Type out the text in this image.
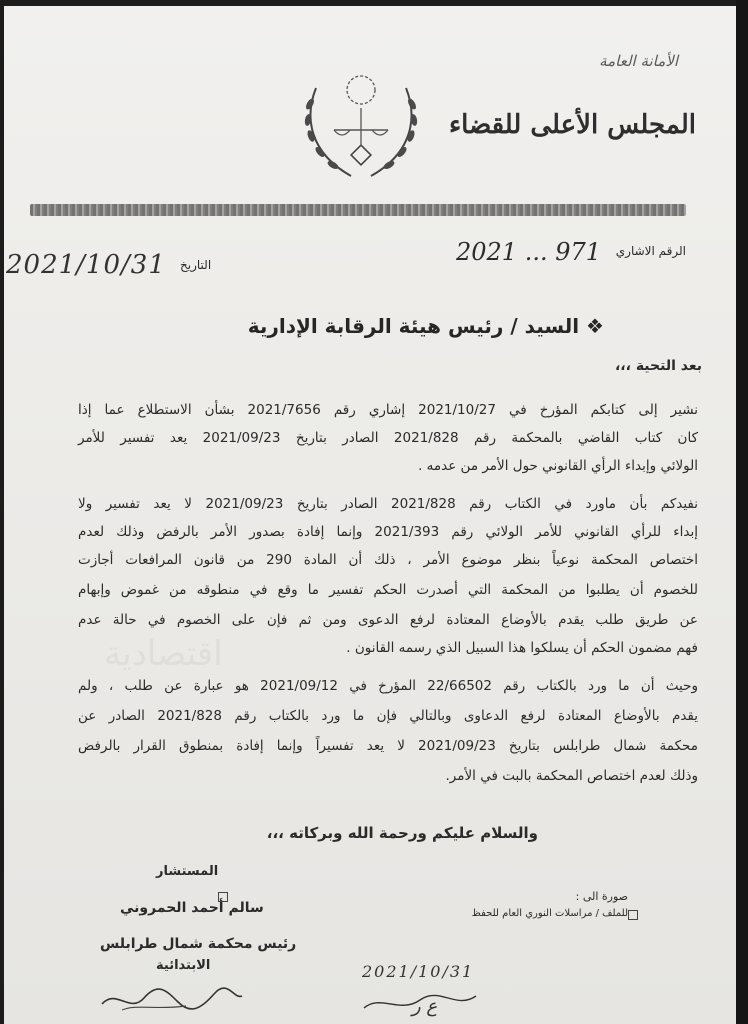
الأمانة العامة
المجلس الأعلى للقضاء
الرقم الاشاري
2021 ... 971
التاريخ
2021/10/31
❖ السيد / رئيس هيئة الرقابة الإدارية
بعد التحية ،،،
اقتصادية
نشير إلى كتابكم المؤرخ في 2021/10/27 إشاري رقم 2021/7656 بشأن الاستطلاع عما إذا
كان كتاب القاضي بالمحكمة رقم 2021/828 الصادر بتاريخ 2021/09/23 يعد تفسير للأمر
الولائي وإبداء الرأي القانوني حول الأمر من عدمه .
نفيدكم بأن ماورد في الكتاب رقم 2021/828 الصادر بتاريخ 2021/09/23 لا يعد تفسير ولا
إبداء للرأي القانوني للأمر الولائي رقم 2021/393 وإنما إفادة بصدور الأمر بالرفض وذلك لعدم
اختصاص المحكمة نوعياً بنظر موضوع الأمر ، ذلك أن المادة 290 من قانون المرافعات أجازت
للخصوم أن يطلبوا من المحكمة التي أصدرت الحكم تفسير ما وقع في منطوقه من غموض وإبهام
عن طريق طلب يقدم بالأوضاع المعتادة لرفع الدعوى ومن ثم فإن على الخصوم في حالة عدم
فهم مضمون الحكم أن يسلكوا هذا السبيل الذي رسمه القانون .
وحيث أن ما ورد بالكتاب رقم 22/66502 المؤرخ في 2021/09/12 هو عبارة عن طلب ، ولم
يقدم بالأوضاع المعتادة لرفع الدعاوى وبالتالي فإن ما ورد بالكتاب رقم 2021/828 الصادر عن
محكمة شمال طرابلس بتاريخ 2021/09/23 لا يعد تفسيراً وإنما إفادة بمنطوق القرار بالرفض
وذلك لعدم اختصاص المحكمة بالبت في الأمر.
والسلام عليكم ورحمة الله وبركاته ،،،
المستشار
سالم أحمد الحمروني
رئيس محكمة شمال طرابلس
الابتدائية
صورة الى :
للملف / مراسلات النوري العام للحفظ
2021/10/31
ع ر
